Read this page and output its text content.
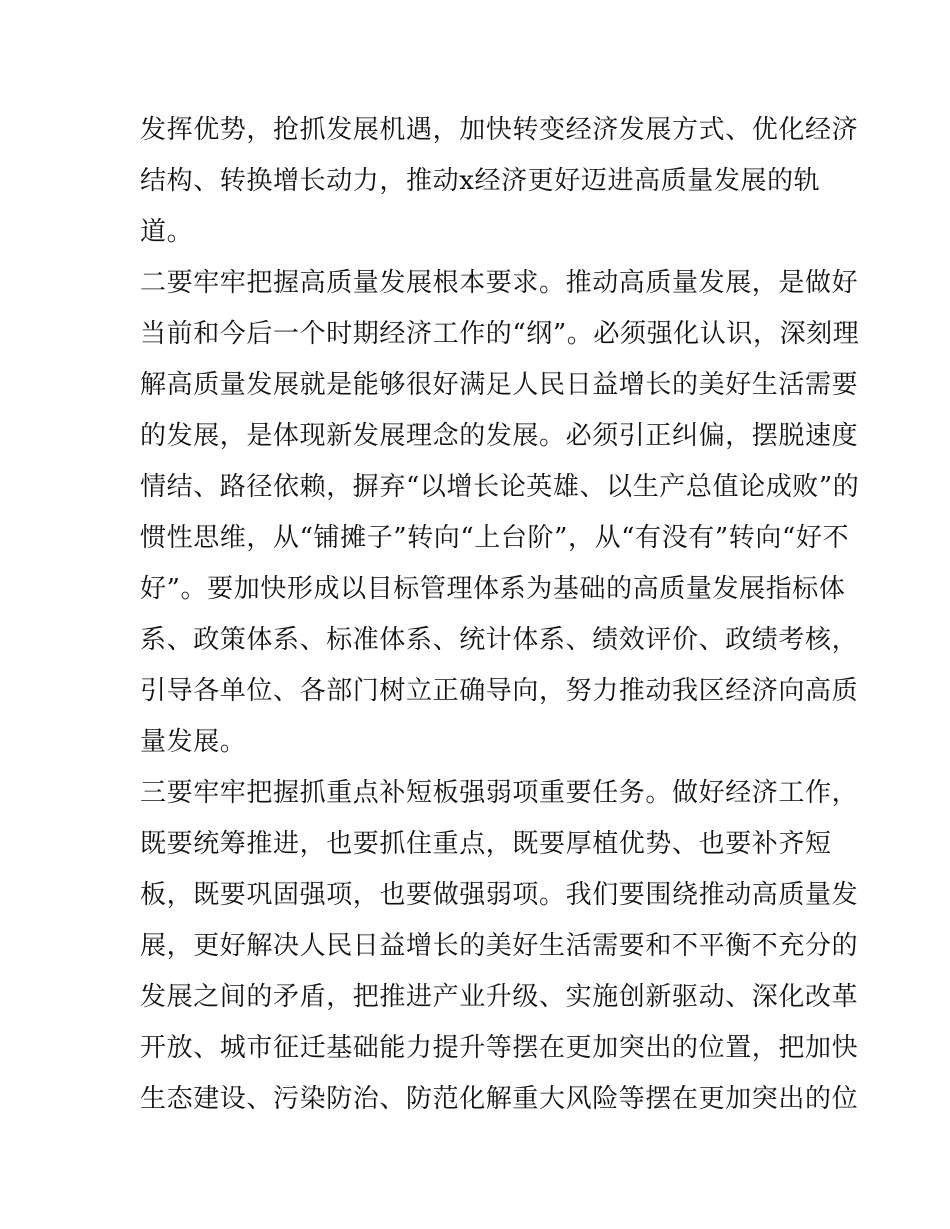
发挥优势，抢抓发展机遇，加快转变经济发展方式、优化经济
结构、转换增长动力，推动x经济更好迈进高质量发展的轨
道。
二要牢牢把握高质量发展根本要求。推动高质量发展，是做好
当前和今后一个时期经济工作的“纲”。必须强化认识，深刻理
解高质量发展就是能够很好满足人民日益增长的美好生活需要
的发展，是体现新发展理念的发展。必须引正纠偏，摆脱速度
情结、路径依赖，摒弃“以增长论英雄、以生产总值论成败”的
惯性思维，从“铺摊子”转向“上台阶”，从“有没有”转向“好不
好”。要加快形成以目标管理体系为基础的高质量发展指标体
系、政策体系、标准体系、统计体系、绩效评价、政绩考核，
引导各单位、各部门树立正确导向，努力推动我区经济向高质
量发展。
三要牢牢把握抓重点补短板强弱项重要任务。做好经济工作，
既要统筹推进，也要抓住重点，既要厚植优势、也要补齐短
板，既要巩固强项，也要做强弱项。我们要围绕推动高质量发
展，更好解决人民日益增长的美好生活需要和不平衡不充分的
发展之间的矛盾，把推进产业升级、实施创新驱动、深化改革
开放、城市征迁基础能力提升等摆在更加突出的位置，把加快
生态建设、污染防治、防范化解重大风险等摆在更加突出的位
